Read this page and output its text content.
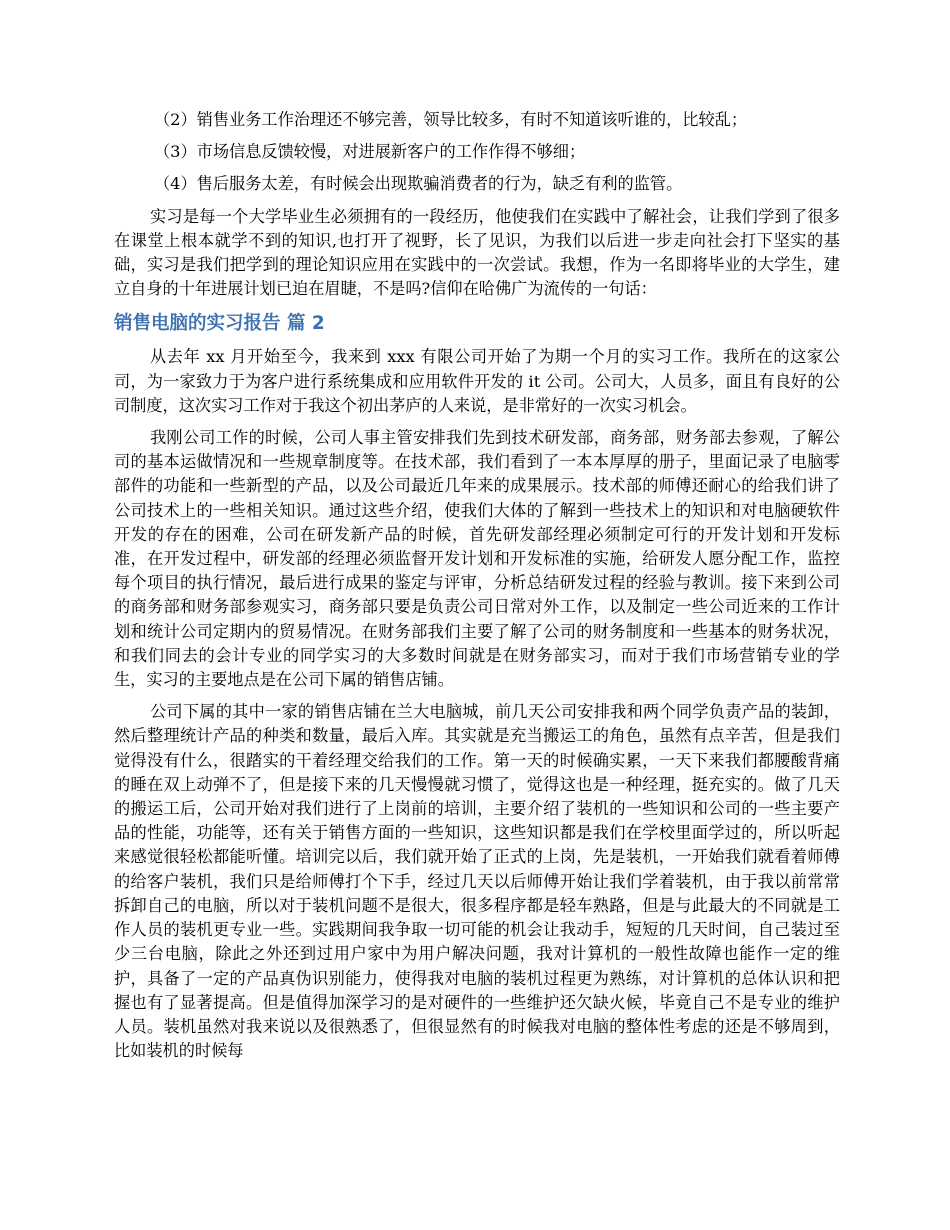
（2）销售业务工作治理还不够完善，领导比较多，有时不知道该听谁的，比较乱；

（3）市场信息反馈较慢，对进展新客户的工作作得不够细；

（4）售后服务太差，有时候会出现欺骗消费者的行为，缺乏有利的监管。

实习是每一个大学毕业生必须拥有的一段经历，他使我们在实践中了解社会，让我们学到了很多在课堂上根本就学不到的知识,也打开了视野，长了见识，为我们以后进一步走向社会打下坚实的基础，实习是我们把学到的理论知识应用在实践中的一次尝试。我想，作为一名即将毕业的大学生，建立自身的十年进展计划已迫在眉睫，不是吗?信仰在哈佛广为流传的一句话：

销售电脑的实习报告 篇 2

从去年 xx 月开始至今，我来到 xxx 有限公司开始了为期一个月的实习工作。我所在的这家公司，为一家致力于为客户进行系统集成和应用软件开发的 it 公司。公司大，人员多，面且有良好的公司制度，这次实习工作对于我这个初出茅庐的人来说，是非常好的一次实习机会。

我刚公司工作的时候，公司人事主管安排我们先到技术研发部，商务部，财务部去参观，了解公司的基本运做情况和一些规章制度等。在技术部，我们看到了一本本厚厚的册子，里面记录了电脑零部件的功能和一些新型的产品，以及公司最近几年来的成果展示。技术部的师傅还耐心的给我们讲了公司技术上的一些相关知识。通过这些介绍，使我们大体的了解到一些技术上的知识和对电脑硬软件开发的存在的困难，公司在研发新产品的时候，首先研发部经理必须制定可行的开发计划和开发标准，在开发过程中，研发部的经理必须监督开发计划和开发标准的实施，给研发人愿分配工作，监控每个项目的执行情况，最后进行成果的鉴定与评审，分析总结研发过程的经验与教训。接下来到公司的商务部和财务部参观实习，商务部只要是负责公司日常对外工作，以及制定一些公司近来的工作计划和统计公司定期内的贸易情况。在财务部我们主要了解了公司的财务制度和一些基本的财务状况，和我们同去的会计专业的同学实习的大多数时间就是在财务部实习，而对于我们市场营销专业的学生，实习的主要地点是在公司下属的销售店铺。

公司下属的其中一家的销售店铺在兰大电脑城，前几天公司安排我和两个同学负责产品的装卸，然后整理统计产品的种类和数量，最后入库。其实就是充当搬运工的角色，虽然有点辛苦，但是我们觉得没有什么，很踏实的干着经理交给我们的工作。第一天的时候确实累，一天下来我们都腰酸背痛的睡在双上动弹不了，但是接下来的几天慢慢就习惯了，觉得这也是一种经理，挺充实的。做了几天的搬运工后，公司开始对我们进行了上岗前的培训，主要介绍了装机的一些知识和公司的一些主要产品的性能，功能等，还有关于销售方面的一些知识，这些知识都是我们在学校里面学过的，所以听起来感觉很轻松都能听懂。培训完以后，我们就开始了正式的上岗，先是装机，一开始我们就看着师傅的给客户装机，我们只是给师傅打个下手，经过几天以后师傅开始让我们学着装机，由于我以前常常拆卸自己的电脑，所以对于装机问题不是很大，很多程序都是轻车熟路，但是与此最大的不同就是工作人员的装机更专业一些。实践期间我争取一切可能的机会让我动手，短短的几天时间，自己装过至少三台电脑，除此之外还到过用户家中为用户解决问题，我对计算机的一般性故障也能作一定的维护，具备了一定的产品真伪识别能力，使得我对电脑的装机过程更为熟练，对计算机的总体认识和把握也有了显著提高。但是值得加深学习的是对硬件的一些维护还欠缺火候，毕竟自己不是专业的维护人员。装机虽然对我来说以及很熟悉了，但很显然有的时候我对电脑的整体性考虑的还是不够周到，比如装机的时候每
